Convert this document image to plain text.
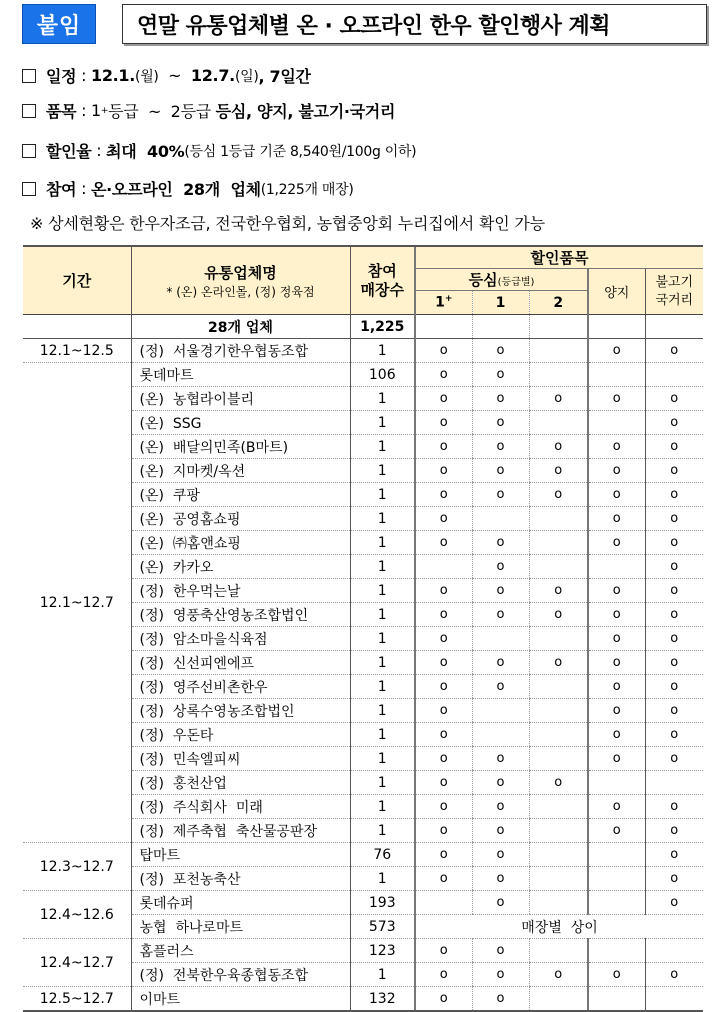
붙임	연말 유통업체별 온 · 오프라인 한우 할인행사 계획
일정 : 12.1. (월) ~ 12.7. (일) , 7일간
품목 : 1 + 등급  ~  2등급 등심, 양지, 불고기·국거리
할인율 : 최대  40% (등심 1등급 기준 8,540원/100g 이하)
참여 : 온·오프라인  28개  업체 (1,225개 매장)
※ 상세현황은 한우자조금, 전국한우협회, 농협중앙회 누리집에서 확인 가능
기간	유통업체명
* (온) 온라인몰, (정) 정육점

참여
매장수
	할인품목
			등심(등급별)			양지	불고기
국거리

			1+	1	2		
	28개 업체	1,225					
12.1~12.5	(정)  서울경기한우협동조합	1	o	o		o	o
12.1~12.7	롯데마트	106	o	o			
	(온)  농협라이블리	1	o	o	o	o	o
	(온)  SSG	1	o	o			o
	(온)  배달의민족(B마트)	1	o	o	o	o	o
	(온)  지마켓/옥션	1	o	o	o	o	o
	(온)  쿠팡	1	o	o	o	o	o
	(온)  공영홈쇼핑	1	o			o	o
	(온)  ㈜홈앤쇼핑	1	o	o		o	o
	(온)  카카오	1		o			o
	(정)  한우먹는날	1	o	o	o	o	o
	(정)  영풍축산영농조합법인	1	o	o	o	o	o
	(정)  암소마을식육점	1	o			o	o
	(정)  신선피엔에프	1	o	o	o	o	o
	(정)  영주선비촌한우	1	o	o		o	o
	(정)  상록수영농조합법인	1	o			o	o
	(정)  우돈타	1	o			o	o
	(정)  민속엘피씨	1	o	o		o	o
	(정)  홍천산업	1	o	o	o		
	(정)  주식회사  미래	1	o	o		o	o
	(정)  제주축협  축산물공판장	1	o	o		o	o
12.3~12.7	탑마트	76	o	o			o
	(정)  포천농축산	1	o	o			o
12.4~12.6	롯데슈퍼	193		o			o
	농협  하나로마트	573	매장별  상이				
12.4~12.7	홈플러스	123	o	o			
	(정)  전북한우육종협동조합	1	o	o	o	o	o
12.5~12.7	이마트	132	o	o			
